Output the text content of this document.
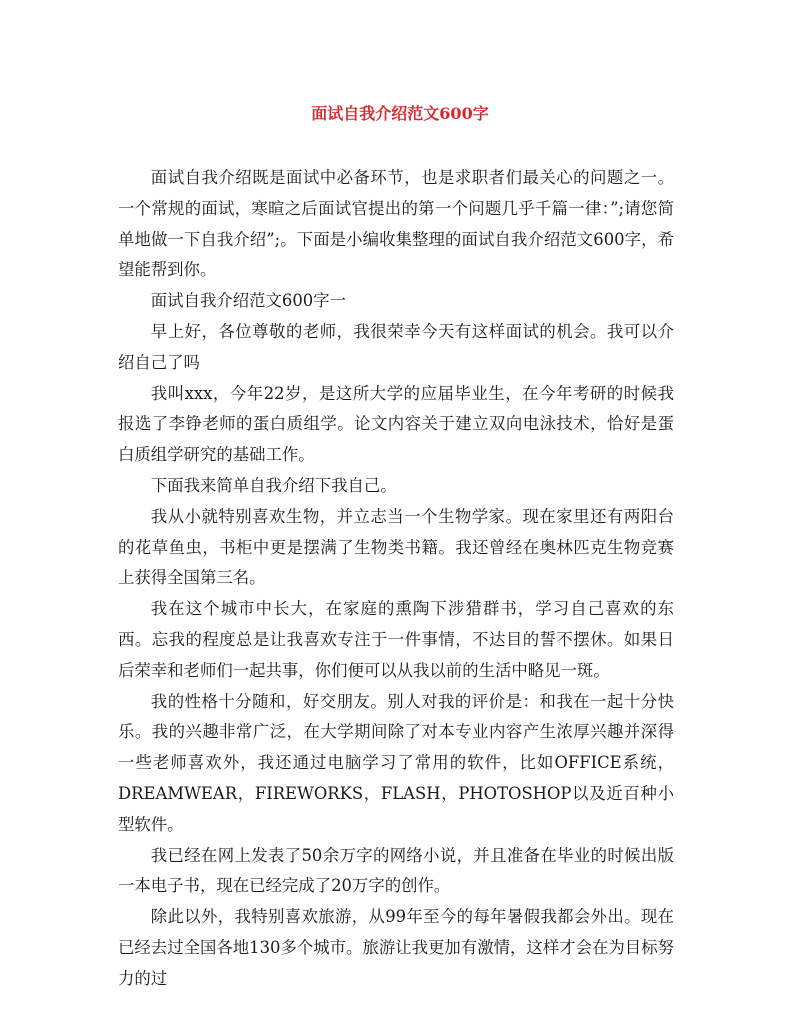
面试自我介绍范文600字

面试自我介绍既是面试中必备环节，也是求职者们最关心的问题之一。一个常规的面试，寒暄之后面试官提出的第一个问题几乎千篇一律：”;请您简单地做一下自我介绍”;。下面是小编收集整理的面试自我介绍范文600字，希望能帮到你。

面试自我介绍范文600字一

早上好，各位尊敬的老师，我很荣幸今天有这样面试的机会。我可以介绍自己了吗

我叫xxx，今年22岁，是这所大学的应届毕业生，在今年考研的时候我报选了李铮老师的蛋白质组学。论文内容关于建立双向电泳技术，恰好是蛋白质组学研究的基础工作。

下面我来简单自我介绍下我自己。

我从小就特别喜欢生物，并立志当一个生物学家。现在家里还有两阳台的花草鱼虫，书柜中更是摆满了生物类书籍。我还曾经在奥林匹克生物竞赛上获得全国第三名。

我在这个城市中长大，在家庭的熏陶下涉猎群书，学习自己喜欢的东西。忘我的程度总是让我喜欢专注于一件事情，不达目的誓不摆休。如果日后荣幸和老师们一起共事，你们便可以从我以前的生活中略见一斑。

我的性格十分随和，好交朋友。别人对我的评价是：和我在一起十分快乐。我的兴趣非常广泛，在大学期间除了对本专业内容产生浓厚兴趣并深得一些老师喜欢外，我还通过电脑学习了常用的软件，比如OFFICE系统，DREAMWEAR，FIREWORKS，FLASH，PHOTOSHOP以及近百种小型软件。

我已经在网上发表了50余万字的网络小说，并且准备在毕业的时候出版一本电子书，现在已经完成了20万字的创作。

除此以外，我特别喜欢旅游，从99年至今的每年暑假我都会外出。现在已经去过全国各地130多个城市。旅游让我更加有激情，这样才会在为目标努力的过
